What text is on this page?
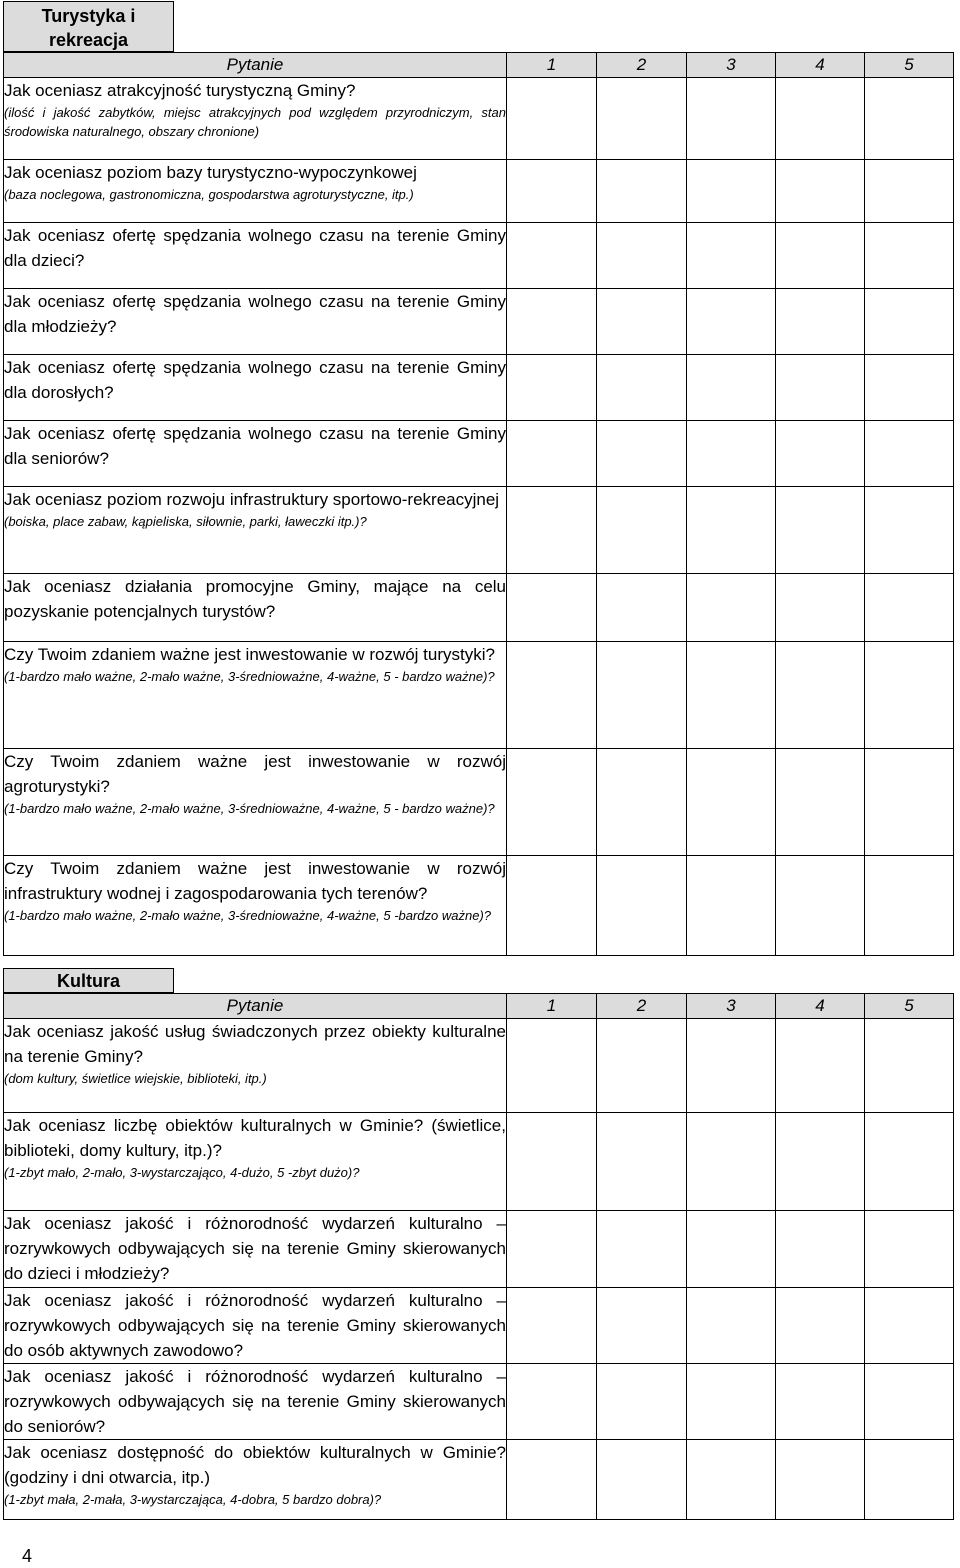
Turystyka i rekreacja
Pytanie	1	2	3	4	5

Jak oceniasz atrakcyjność turystyczną Gminy?
(ilość i jakość zabytków, miejsc atrakcyjnych pod względem przyrodniczym, stan środowiska naturalnego, obszary chronione)					

Jak oceniasz poziom bazy turystyczno-wypoczynkowej
(baza noclegowa, gastronomiczna, gospodarstwa agroturystyczne, itp.)					

Jak oceniasz ofertę spędzania wolnego czasu na terenie Gminy dla dzieci?					

Jak oceniasz ofertę spędzania wolnego czasu na terenie Gminy dla młodzieży?					

Jak oceniasz ofertę spędzania wolnego czasu na terenie Gminy dla dorosłych?					

Jak oceniasz ofertę spędzania wolnego czasu na terenie Gminy dla seniorów?					

Jak oceniasz poziom rozwoju infrastruktury sportowo-rekreacyjnej
(boiska, place zabaw, kąpieliska, siłownie, parki, ławeczki itp.)?					

Jak oceniasz działania promocyjne Gminy, mające na celu pozyskanie potencjalnych turystów?					

Czy Twoim zdaniem ważne jest inwestowanie w rozwój turystyki?
(1-bardzo mało ważne, 2-mało ważne, 3-średnioważne, 4-ważne, 5 - bardzo ważne)?					

Czy Twoim zdaniem ważne jest inwestowanie w rozwój agroturystyki?
(1-bardzo mało ważne, 2-mało ważne, 3-średnioważne, 4-ważne, 5 - bardzo ważne)?					

Czy Twoim zdaniem ważne jest inwestowanie w rozwój infrastruktury wodnej i zagospodarowania tych terenów?
(1-bardzo mało ważne, 2-mało ważne, 3-średnioważne, 4-ważne, 5 -bardzo ważne)?					

Kultura
Pytanie	1	2	3	4	5

Jak oceniasz jakość usług świadczonych przez obiekty kulturalne na terenie Gminy?
(dom kultury, świetlice wiejskie, biblioteki, itp.)					

Jak oceniasz liczbę obiektów kulturalnych w Gminie? (świetlice, biblioteki, domy kultury, itp.)?
(1-zbyt mało, 2-mało, 3-wystarczająco, 4-dużo, 5 -zbyt dużo)?					

Jak oceniasz jakość i różnorodność wydarzeń kulturalno – rozrywkowych odbywających się na terenie Gminy skierowanych do dzieci i młodzieży?					

Jak oceniasz jakość i różnorodność wydarzeń kulturalno – rozrywkowych odbywających się na terenie Gminy skierowanych do osób aktywnych zawodowo?					

Jak oceniasz jakość i różnorodność wydarzeń kulturalno – rozrywkowych odbywających się na terenie Gminy skierowanych do seniorów?					

Jak oceniasz dostępność do obiektów kulturalnych w Gminie? (godziny i dni otwarcia, itp.)
(1-zbyt mała, 2-mała, 3-wystarczająca, 4-dobra, 5 bardzo dobra)?					

4
